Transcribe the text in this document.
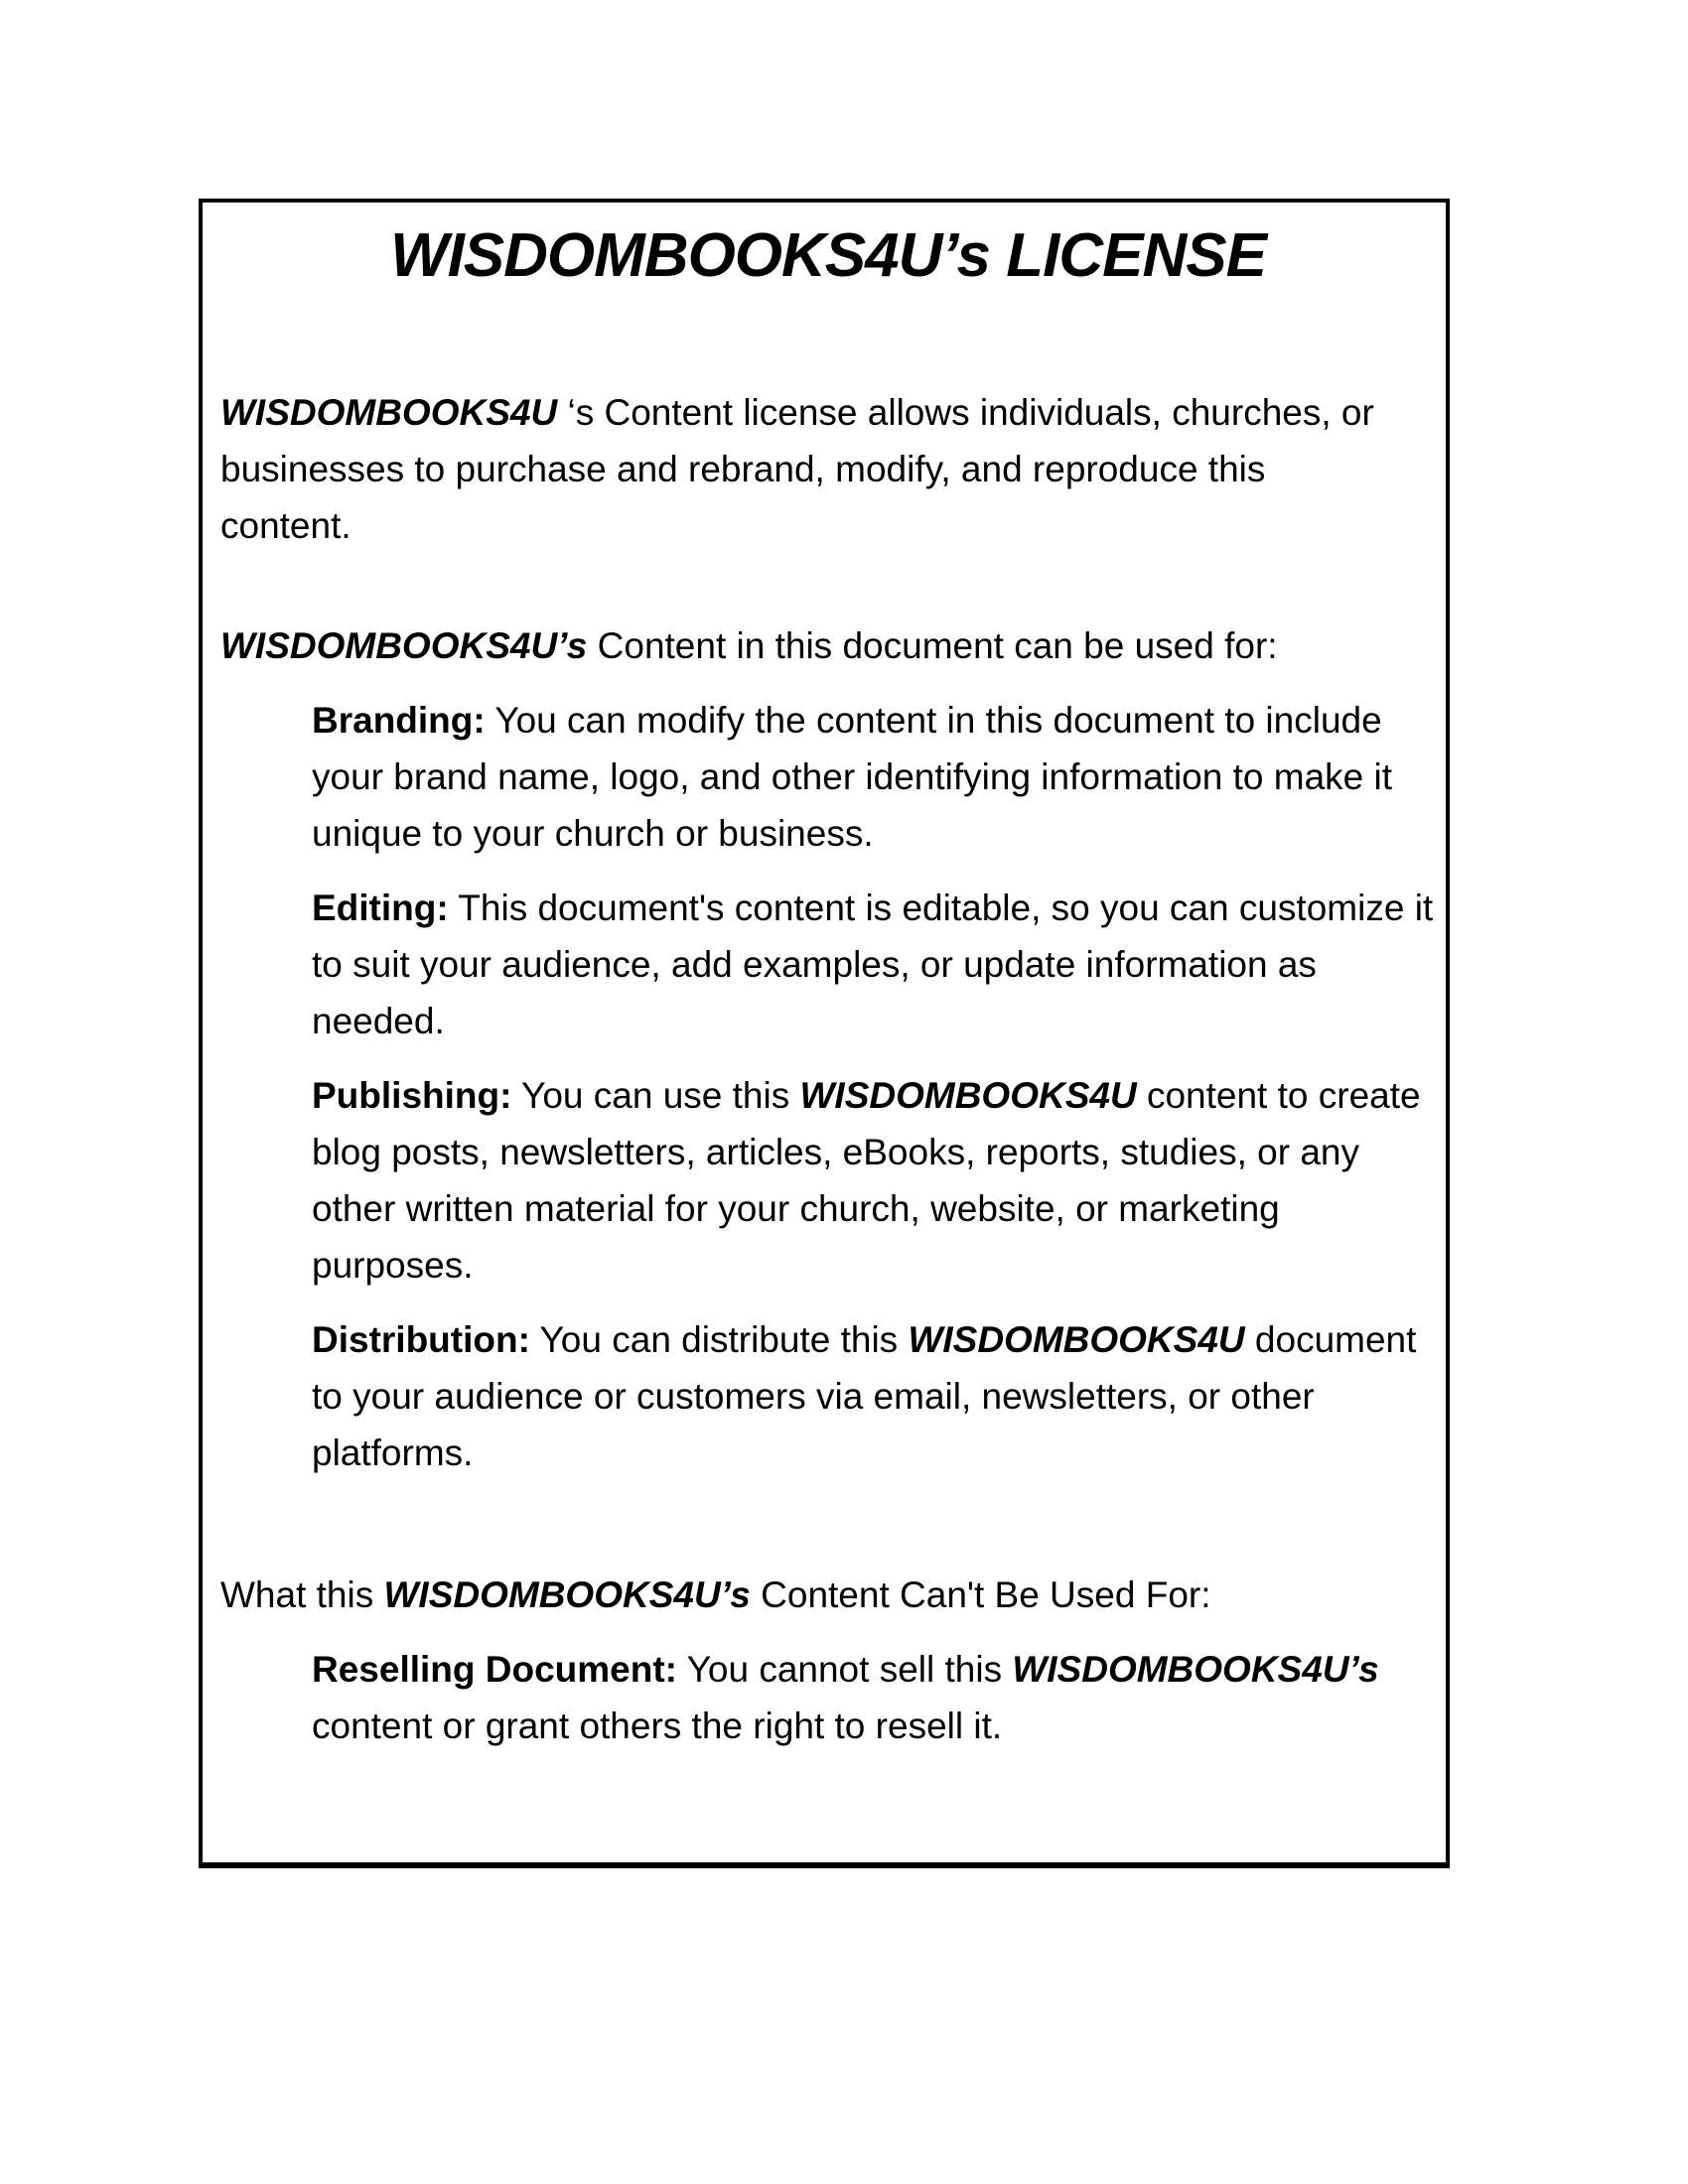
WISDOMBOOKS4U’s LICENSE

WISDOMBOOKS4U ‘s Content license allows individuals, churches, or businesses to purchase and rebrand, modify, and reproduce this content.

WISDOMBOOKS4U’s Content in this document can be used for:

Branding: You can modify the content in this document to include your brand name, logo, and other identifying information to make it unique to your church or business.

Editing: This document's content is editable, so you can customize it to suit your audience, add examples, or update information as needed.

Publishing: You can use this WISDOMBOOKS4U content to create blog posts, newsletters, articles, eBooks, reports, studies, or any other written material for your church, website, or marketing purposes.

Distribution: You can distribute this WISDOMBOOKS4U document to your audience or customers via email, newsletters, or other platforms.

What this WISDOMBOOKS4U’s Content Can't Be Used For:

Reselling Document: You cannot sell this WISDOMBOOKS4U’s content or grant others the right to resell it.
